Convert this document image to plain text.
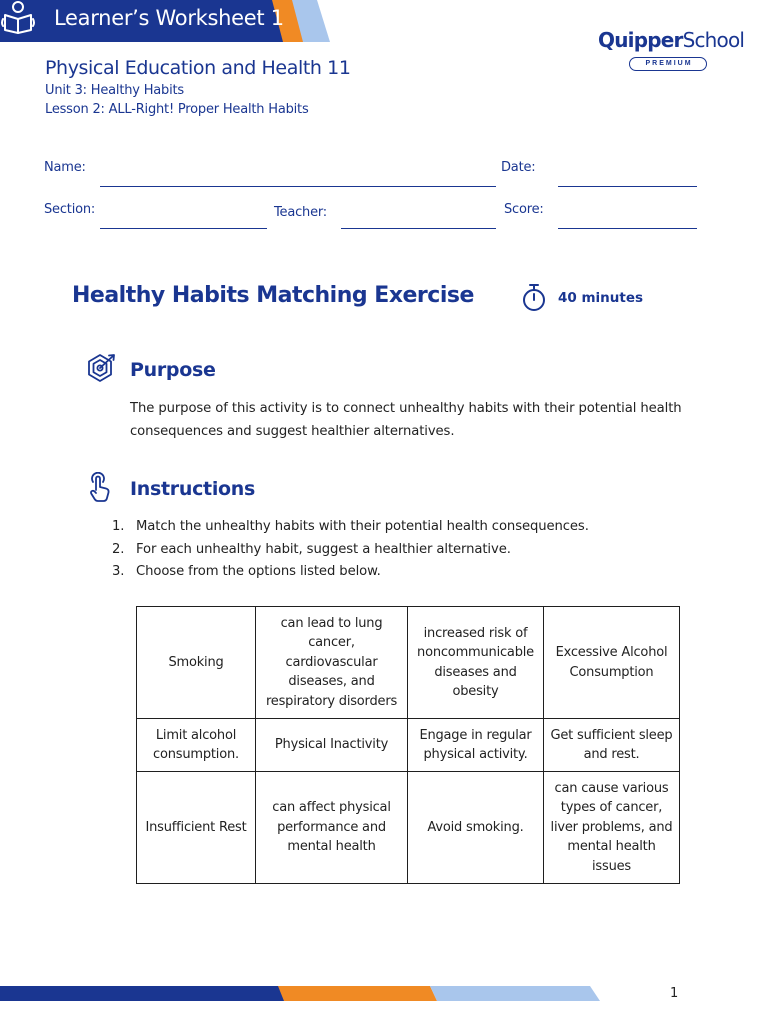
Learner’s Worksheet 1
QuipperSchool
PREMIUM
Physical Education and Health 11
Unit 3: Healthy Habits
Lesson 2: ALL-Right! Proper Health Habits
Name:	Date:
Section:	Teacher:	Score:
Healthy Habits Matching Exercise	40 minutes
Purpose
The purpose of this activity is to connect unhealthy habits with their potential health consequences and suggest healthier alternatives.
Instructions
1. Match the unhealthy habits with their potential health consequences.
2. For each unhealthy habit, suggest a healthier alternative.
3. Choose from the options listed below.
Smoking	can lead to lung cancer, cardiovascular diseases, and respiratory disorders	increased risk of noncommunicable diseases and obesity	Excessive Alcohol Consumption
Limit alcohol consumption.	Physical Inactivity	Engage in regular physical activity.	Get sufficient sleep and rest.
Insufficient Rest	can affect physical performance and mental health	Avoid smoking.	can cause various types of cancer, liver problems, and mental health issues
1
